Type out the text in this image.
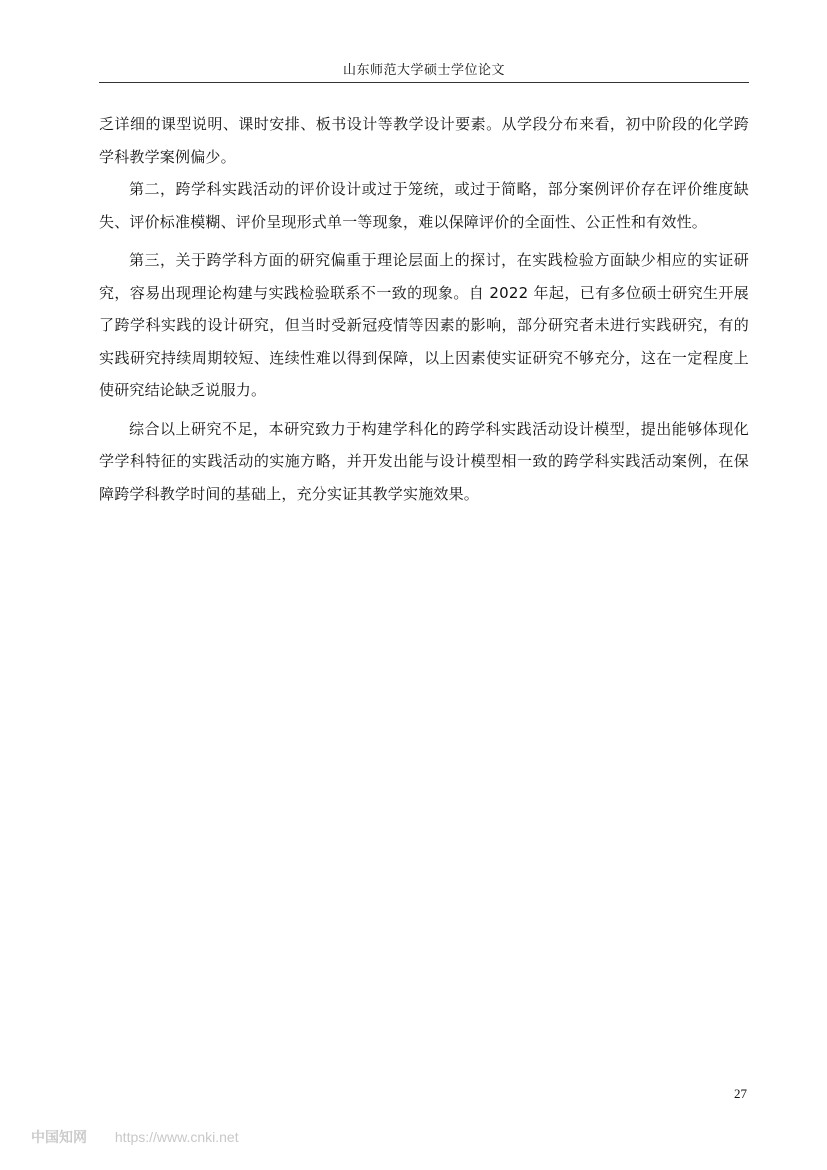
山东师范大学硕士学位论文

乏详细的课型说明、课时安排、板书设计等教学设计要素。从学段分布来看，初中阶段的化学跨学科教学案例偏少。

第二，跨学科实践活动的评价设计或过于笼统，或过于简略，部分案例评价存在评价维度缺失、评价标准模糊、评价呈现形式单一等现象，难以保障评价的全面性、公正性和有效性。

第三，关于跨学科方面的研究偏重于理论层面上的探讨，在实践检验方面缺少相应的实证研究，容易出现理论构建与实践检验联系不一致的现象。自 2022 年起，已有多位硕士研究生开展了跨学科实践的设计研究，但当时受新冠疫情等因素的影响，部分研究者未进行实践研究，有的实践研究持续周期较短、连续性难以得到保障，以上因素使实证研究不够充分，这在一定程度上使研究结论缺乏说服力。

综合以上研究不足，本研究致力于构建学科化的跨学科实践活动设计模型，提出能够体现化学学科特征的实践活动的实施方略，并开发出能与设计模型相一致的跨学科实践活动案例，在保障跨学科教学时间的基础上，充分实证其教学实施效果。

27
中国知网 https://www.cnki.net
